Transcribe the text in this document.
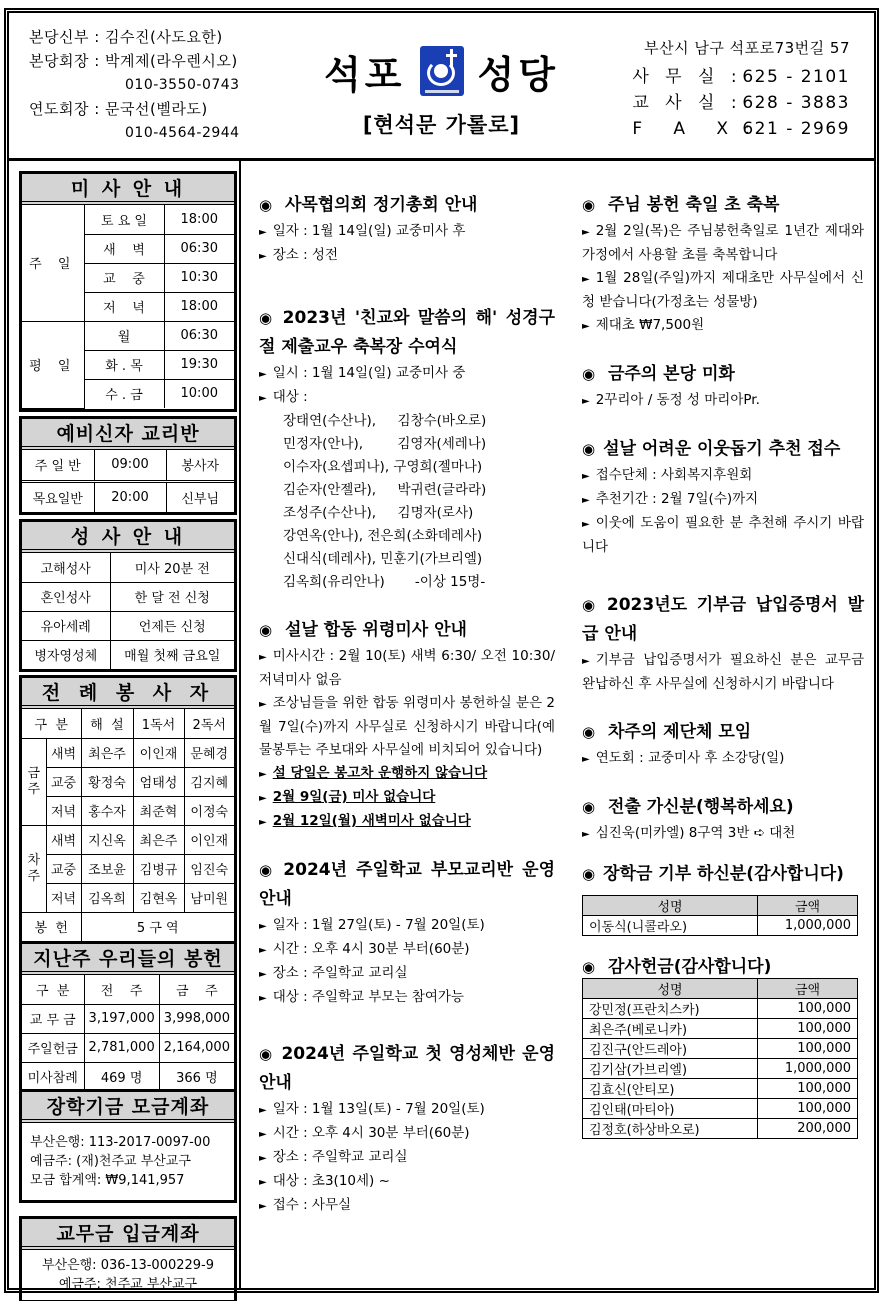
본당신부 : 김수진(사도요한)
본당회장 : 박계제(라우렌시오)
010-3550-0743
연도회장 : 문국선(벨라도)
010-4564-2944
석포 성당
[현석문 가롤로]
부산시 남구 석포로73번길 57
사 무 실 : 625 - 2101
교 사 실 : 628 - 3883
F  A  X :
621 - 2969
미 사 안 내
주 일	토 요 일	18:00
	새    벽	06:30
	교    중	10:30
	저    녁	18:00
평 일	월	06:30
	화 . 목	19:30
	수 . 금	10:00
예비신자 교리반
주 일 반	09:00	봉사자
목요일반	20:00	신부님
성 사 안 내
고해성사	미사 20분 전
혼인성사	한 달 전 신청
유아세례	언제든 신청
병자영성체	매월 첫째 금요일
전 례 봉 사 자
구  분		해  설	1독서	2독서
금주	새벽	최은주	이인재	문혜경
	교중	황정숙	엄태성	김지혜
	저녁	홍수자	최준혁	이정숙
차주	새벽	지신옥	최은주	이인재
	교중	조보윤	김병규	임진숙
	저녁	김옥희	김현옥	남미원
봉  헌		5 구 역		
지난주 우리들의 봉헌
구  분	전    주	금    주
교 무 금	3,197,000	3,998,000
주일헌금	2,781,000	2,164,000
미사참례	469 명	366 명
장학기금 모금계좌
부산은행: 113-2017-0097-00
예금주: (재)천주교 부산교구
모금 합계액: ₩9,141,957
교무금 입금계좌
부산은행: 036-13-000229-9
예금주: 천주교 부산교구
◉ 사목협의회 정기총회 안내
► 일자 : 1월 14일(일) 교중미사 후
► 장소 : 성전
◉ 2023년 '친교와 말씀의 해' 성경구절 제출교우 축복장 수여식
► 일시 : 1월 14일(일) 교중미사 중
► 대상 :
장태연(수산나),     김창수(바오로)
민정자(안나),        김영자(세레나)
이수자(요셉피나), 구영희(젤마나)
김순자(안젤라),     박귀련(글라라)
조성주(수산나),     김명자(로사)
강연옥(안나), 전은희(소화데레사)
신대식(데레사), 민훈기(가브리엘)
김옥희(유리안나)       -이상 15명-
◉ 설날 합동 위령미사 안내
► 미사시간 : 2월 10(토) 새벽 6:30/ 오전 10:30/ 저녁미사 없음
► 조상님들을 위한 합동 위령미사 봉헌하실 분은 2월 7일(수)까지 사무실로 신청하시기 바랍니다(예물봉투는 주보대와 사무실에 비치되어 있습니다)
► 설 당일은 봉고차 운행하지 않습니다
► 2월 9일(금) 미사 없습니다
► 2월 12일(월) 새벽미사 없습니다
◉ 2024년 주일학교 부모교리반 운영 안내
► 일자 : 1월 27일(토) - 7월 20일(토)
► 시간 : 오후 4시 30분 부터(60분)
► 장소 : 주일학교 교리실
► 대상 : 주일학교 부모는 참여가능
◉ 2024년 주일학교 첫 영성체반 운영 안내
► 일자 : 1월 13일(토) - 7월 20일(토)
► 시간 : 오후 4시 30분 부터(60분)
► 장소 : 주일학교 교리실
► 대상 : 초3(10세) ~
► 접수 : 사무실
◉ 주님 봉헌 축일 초 축복
► 2월 2일(목)은 주님봉헌축일로 1년간 제대와 가정에서 사용할 초를 축복합니다
► 1월 28일(주일)까지 제대초만 사무실에서 신청 받습니다(가정초는 성물방)
► 제대초 ₩7,500원
◉ 금주의 본당 미화
► 2꾸리아 / 동정 성 마리아Pr.
◉ 설날 어려운 이웃돕기 추천 접수
► 접수단체 : 사회복지후원회
► 추천기간 : 2월 7일(수)까지
► 이웃에 도움이 필요한 분 추천해 주시기 바랍니다
◉ 2023년도 기부금 납입증명서 발급 안내
► 기부금 납입증명서가 필요하신 분은 교무금 완납하신 후 사무실에 신청하시기 바랍니다
◉ 차주의 제단체 모임
► 연도회 : 교중미사 후 소강당(일)
◉ 전출 가신분(행복하세요)
► 심진욱(미카엘) 8구역 3반 ➪ 대천
◉ 장학금 기부 하신분(감사합니다)
성명	금액
이동식(니콜라오)	1,000,000
◉ 감사헌금(감사합니다)
성명	금액
강민정(프란치스카)	100,000
최은주(베로니카)	100,000
김진구(안드레아)	100,000
김기삼(가브리엘)	1,000,000
김효신(안티모)	100,000
김인태(마티아)	100,000
김정호(하상바오로)	200,000
